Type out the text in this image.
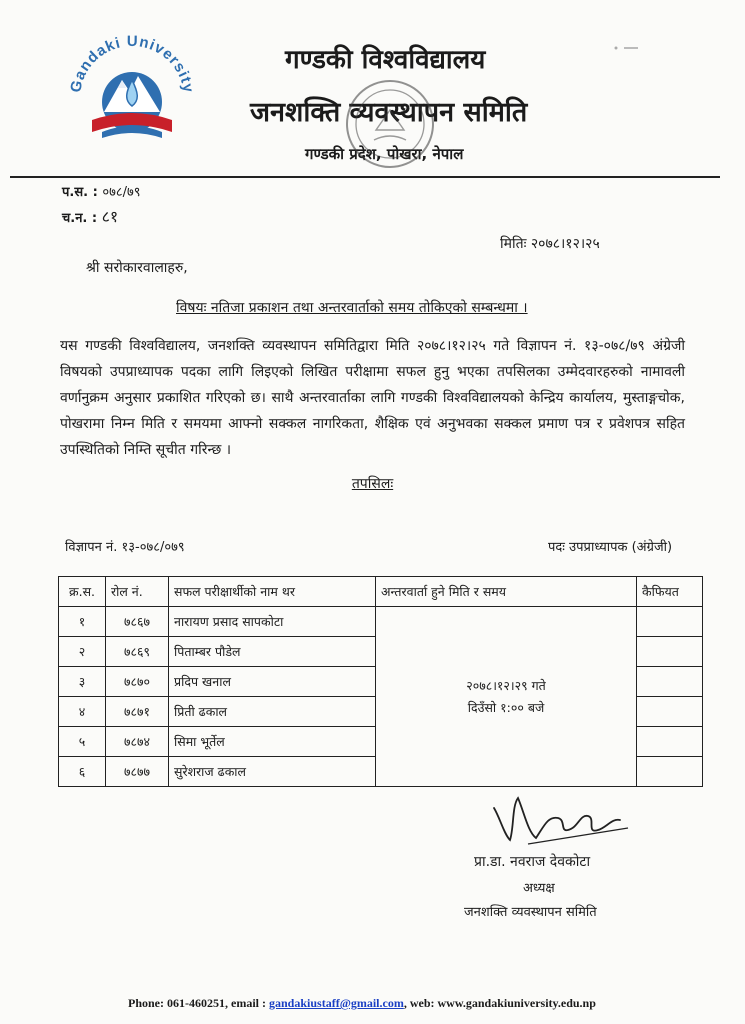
Gandaki University
गण्डकी विश्वविद्यालय
जनशक्ति व्यवस्थापन समिति
गण्डकी प्रदेश, पोखरा, नेपाल
प.स. : ०७८/७९
च.न. : ८१
मितिः २०७८।१२।२५
श्री सरोकारवालाहरु,
विषयः नतिजा प्रकाशन तथा अन्तरवार्ताको समय तोकिएको सम्बन्धमा ।
यस गण्डकी विश्वविद्यालय, जनशक्ति व्यवस्थापन समितिद्वारा मिति २०७८।१२।२५ गते विज्ञापन नं. १३-०७८/७९ अंग्रेजी विषयको उपप्राध्यापक पदका लागि लिइएको लिखित परीक्षामा सफल हुनु भएका तपसिलका उम्मेदवारहरुको नामावली वर्णानुक्रम अनुसार प्रकाशित गरिएको छ। साथै अन्तरवार्ताका लागि गण्डकी विश्वविद्यालयको केन्द्रिय कार्यालय, मुस्ताङ्गचोक, पोखरामा निम्न मिति र समयमा आफ्नो सक्कल नागरिकता, शैक्षिक एवं अनुभवका सक्कल प्रमाण पत्र र प्रवेशपत्र सहित उपस्थितिको निम्ति सूचीत गरिन्छ ।
तपसिलः
विज्ञापन नं. १३-०७८/०७९	पदः उपप्राध्यापक (अंग्रेजी)
क्र.स.	रोल नं.	सफल परीक्षार्थीको नाम थर	अन्तरवार्ता हुने मिति र समय	कैफियत
१	७८६७	नारायण प्रसाद सापकोटा	२०७८।१२।२९ गते
दिउँसो १:०० बजे	

२	७८६९	पिताम्बर पौडेल		
३	७८७०	प्रदिप खनाल		
४	७८७१	प्रिती ढकाल		
५	७८७४	सिमा भूर्तेल		
६	७८७७	सुरेशराज ढकाल		
प्रा.डा. नवराज देवकोटा
अध्यक्ष
जनशक्ति व्यवस्थापन समिति
Phone: 061-460251, email : gandakiustaff@gmail.com, web: www.gandakiuniversity.edu.np
